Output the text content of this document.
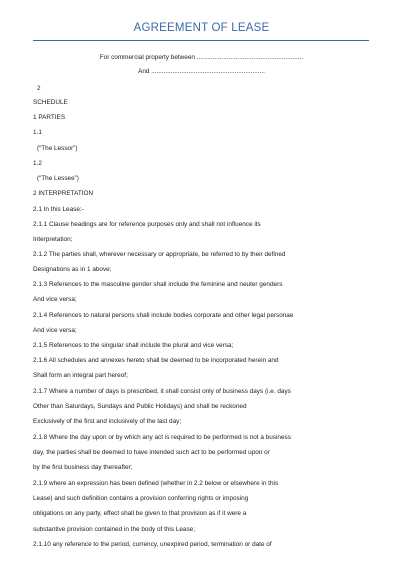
AGREEMENT OF LEASE
For commercial property between ............................................................
And ................................................................
2
SCHEDULE
1 PARTIES
1.1
(“The Lessor”)
1.2
(“The Lessee”)
2 INTERPRETATION
2.1 In this Lease:-
2.1.1 Clause headings are for reference purposes only and shall not influence its
Interpretation;
2.1.2 The parties shall, wherever necessary or appropriate, be referred to by their defined
Designations as in 1 above;
2.1.3 References to the masculine gender shall include the feminine and neuter genders
And vice versa;
2.1.4 References to natural persons shall include bodies corporate and other legal personae
And vice versa;
2.1.5 References to the singular shall include the plural and vice versa;
2.1.6 All schedules and annexes hereto shall be deemed to be incorporated herein and
Shall form an integral part hereof;
2.1.7 Where a number of days is prescribed, it shall consist only of business days (i.e. days
Other than Saturdays, Sundays and Public Holidays) and shall be reckoned
Exclusively of the first and inclusively of the last day;
2.1.8 Where the day upon or by which any act is required to be performed is not a business
day, the parties shall be deemed to have intended such act to be performed upon or
by the first business day thereafter;
2.1.9 where an expression has been defined (whether in 2.2 below or elsewhere in this
Lease) and such definition contains a provision conferring rights or imposing
obligations on any party, effect shall be given to that provision as if it were a
substantive provision contained in the body of this Lease;
2.1.10 any reference to the period, currency, unexpired period, termination or date of
